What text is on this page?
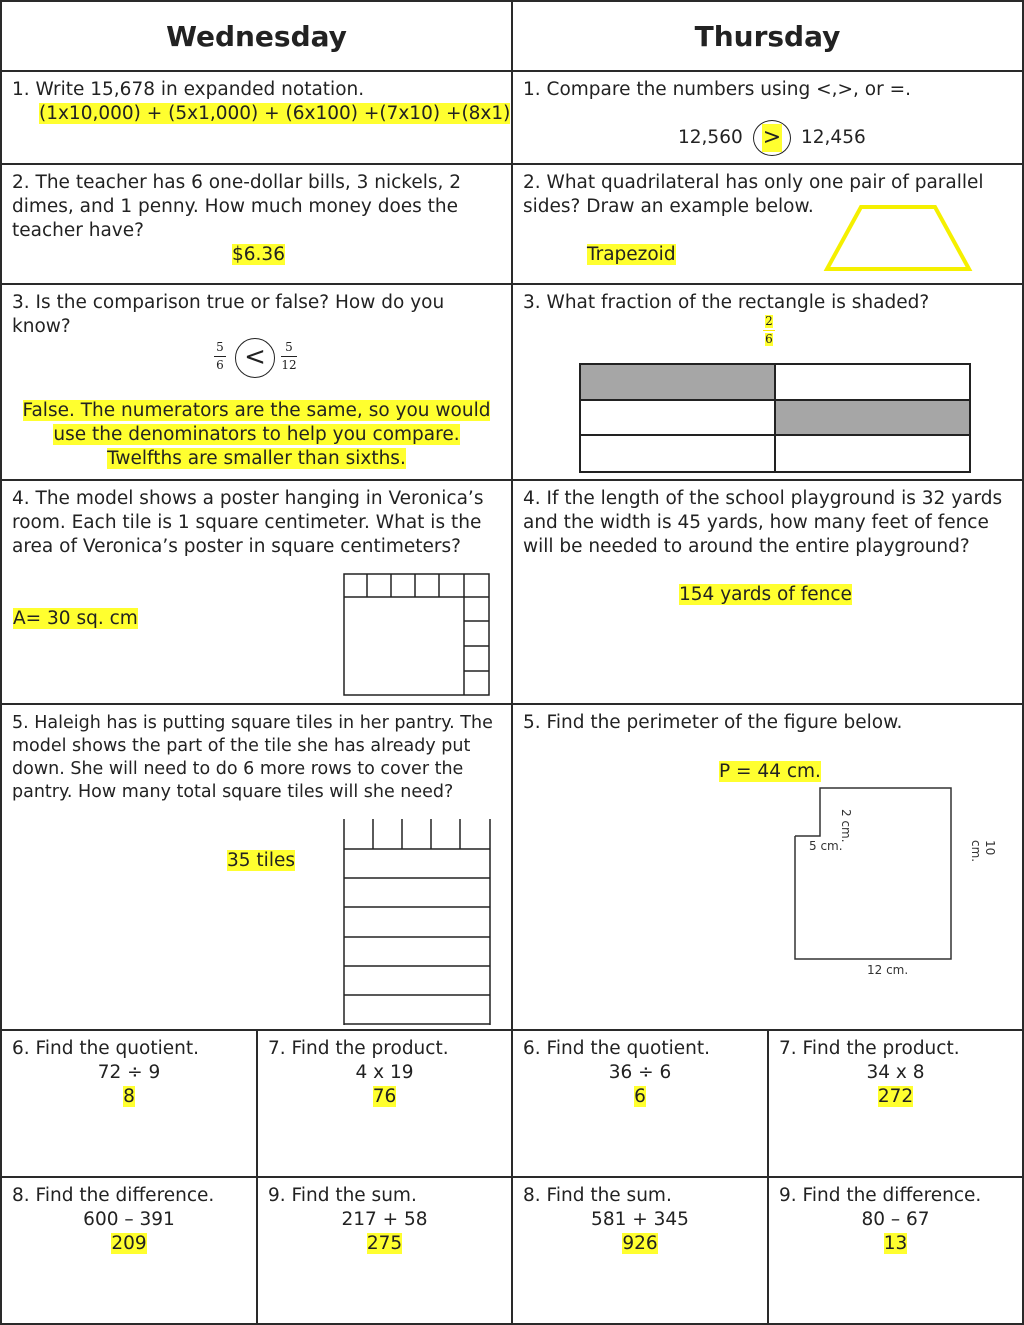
Wednesday	Thursday
1. Write 15,678 in expanded notation.
(1x10,000) + (5x1,000) + (6x100) +(7x10) +(8x1)
1. Compare the numbers using <,>, or =.
12,560 > 12,456
2. The teacher has 6 one-dollar bills, 3 nickels, 2 dimes, and 1 penny. How much money does the teacher have?
$6.36
2. What quadrilateral has only one pair of parallel sides? Draw an example below.
Trapezoid
3. Is the comparison true or false? How do you know?
5
6 <	5
12
False. The numerators are the same, so you would
use the denominators to help you compare.
Twelfths are smaller than sixths.
3. What fraction of the rectangle is shaded?
2
6
4. The model shows a poster hanging in Veronica’s room. Each tile is 1 square centimeter. What is the area of Veronica’s poster in square centimeters?
A= 30 sq. cm
4. If the length of the school playground is 32 yards and the width is 45 yards, how many feet of fence will be needed to around the entire playground?
154 yards of fence
5. Haleigh has is putting square tiles in her pantry. The model shows the part of the tile she has already put down. She will need to do 6 more rows to cover the pantry. How many total square tiles will she need?
35 tiles
5. Find the perimeter of the figure below.
P = 44 cm.
5 cm.
2 cm.
10 cm.
12 cm.
6. Find the quotient.
72 ÷ 9
8
7. Find the product.
4 x 19
76
6. Find the quotient.
36 ÷ 6
6
7. Find the product.
34 x 8
272
8. Find the difference.
600 – 391
209
9. Find the sum.
217 + 58
275
8. Find the sum.
581 + 345
926
9. Find the difference.
80 – 67
13
